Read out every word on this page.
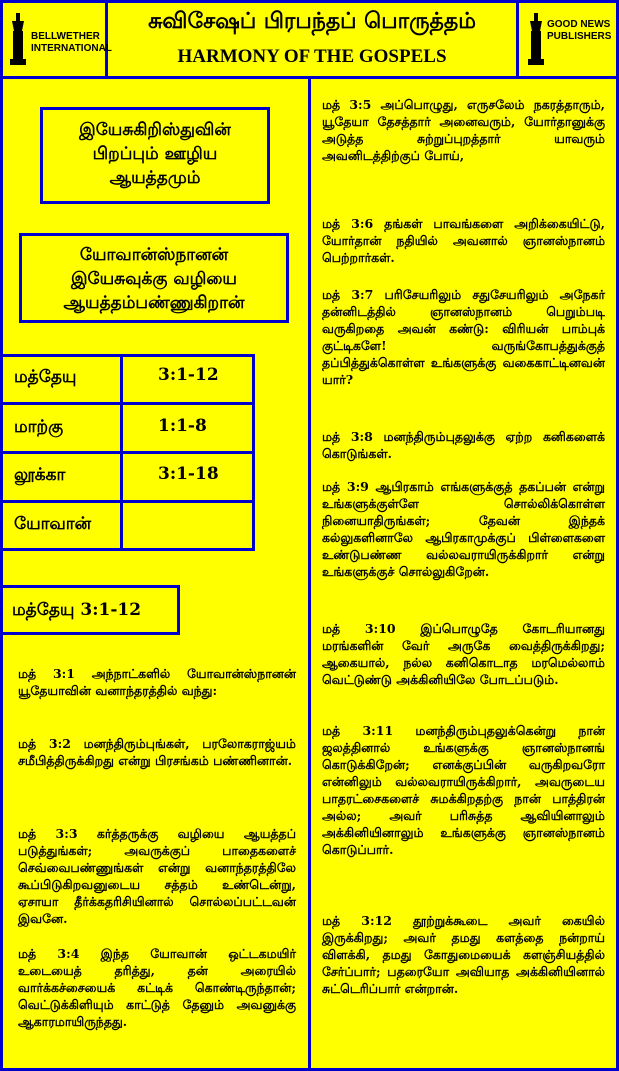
BELLWETHER INTERNATIONAL
GOOD NEWS PUBLISHERS
சுவிசேஷப் பிரபந்தப் பொருத்தம்
HARMONY OF THE GOSPELS
இயேசுகிறிஸ்துவின் பிறப்பும் ஊழிய ஆயத்தமும்
யோவான்ஸ்நானன் இயேசுவுக்கு வழியை ஆயத்தம்பண்ணுகிறான்
மத்தேயு	3:1-12
மாற்கு	1:1-8
லூக்கா	3:1-18
யோவான்
மத்தேயு 3:1-12

மத் 3:1 அந்நாட்களில் யோவான்ஸ்நானன் யூதேயாவின் வனாந்தரத்தில் வந்து:

மத் 3:2 மனந்திரும்புங்கள், பரலோகராஜ்யம் சமீபித்திருக்கிறது என்று பிரசங்கம் பண்ணினான்.

மத் 3:3 கர்த்தருக்கு வழியை ஆயத்தப் படுத்துங்கள்; அவருக்குப் பாதைகளைச் செவ்வைபண்ணுங்கள் என்று வனாந்தரத்திலே கூப்பிடுகிறவனுடைய சத்தம் உண்டென்று, ஏசாயா தீர்க்கதரிசியினால் சொல்லப்பட்டவன் இவனே.

மத் 3:4 இந்த யோவான் ஒட்டகமயிர் உடையைத் தரித்து, தன் அரையில் வார்க்கச்சையைக் கட்டிக் கொண்டிருந்தான்; வெட்டுக்கிளியும் காட்டுத் தேனும் அவனுக்கு ஆகாரமாயிருந்தது.

மத் 3:5 அப்பொழுது, எருசலேம் நகரத்தாரும், யூதேயா தேசத்தார் அனைவரும், யோர்தானுக்கு அடுத்த சுற்றுப்புறத்தார் யாவரும் அவனிடத்திற்குப் போய்,

மத் 3:6 தங்கள் பாவங்களை அறிக்கையிட்டு, யோர்தான் நதியில் அவனால் ஞானஸ்நானம் பெற்றார்கள்.

மத் 3:7 பரிசேயரிலும் சதுசேயரிலும் அநேகர் தன்னிடத்தில் ஞானஸ்நானம் பெறும்படி வருகிறதை அவன் கண்டு: விரியன் பாம்புக் குட்டிகளே! வருங்கோபத்துக்குத் தப்பித்துக்கொள்ள உங்களுக்கு வகைகாட்டினவன் யார்?

மத் 3:8 மனந்திரும்புதலுக்கு ஏற்ற கனிகளைக் கொடுங்கள்.

மத் 3:9 ஆபிரகாம் எங்களுக்குத் தகப்பன் என்று உங்களுக்குள்ளே சொல்லிக்கொள்ள நினையாதிருங்கள்; தேவன் இந்தக் கல்லுகளினாலே ஆபிரகாமுக்குப் பிள்ளைகளை உண்டுபண்ண வல்லவராயிருக்கிறார் என்று உங்களுக்குச் சொல்லுகிறேன்.

மத் 3:10 இப்பொழுதே கோடரியானது மரங்களின் வேர் அருகே வைத்திருக்கிறது; ஆகையால், நல்ல கனிகொடாத மரமெல்லாம் வெட்டுண்டு அக்கினியிலே போடப்படும்.

மத் 3:11 மனந்திரும்புதலுக்கென்று நான் ஜலத்தினால் உங்களுக்கு ஞானஸ்நானங் கொடுக்கிறேன்; எனக்குப்பின் வருகிறவரோ என்னிலும் வல்லவராயிருக்கிறார், அவருடைய பாதரட்சைகளைச் சுமக்கிறதற்கு நான் பாத்திரன் அல்ல; அவர் பரிசுத்த ஆவியினாலும் அக்கினியினாலும் உங்களுக்கு ஞானஸ்நானம் கொடுப்பார்.

மத் 3:12 தூற்றுக்கூடை அவர் கையில் இருக்கிறது; அவர் தமது களத்தை நன்றாய் விளக்கி, தமது கோதுமையைக் களஞ்சியத்தில் சேர்ப்பார்; பதரையோ அவியாத அக்கினியினால் சுட்டெரிப்பார் என்றான்.
